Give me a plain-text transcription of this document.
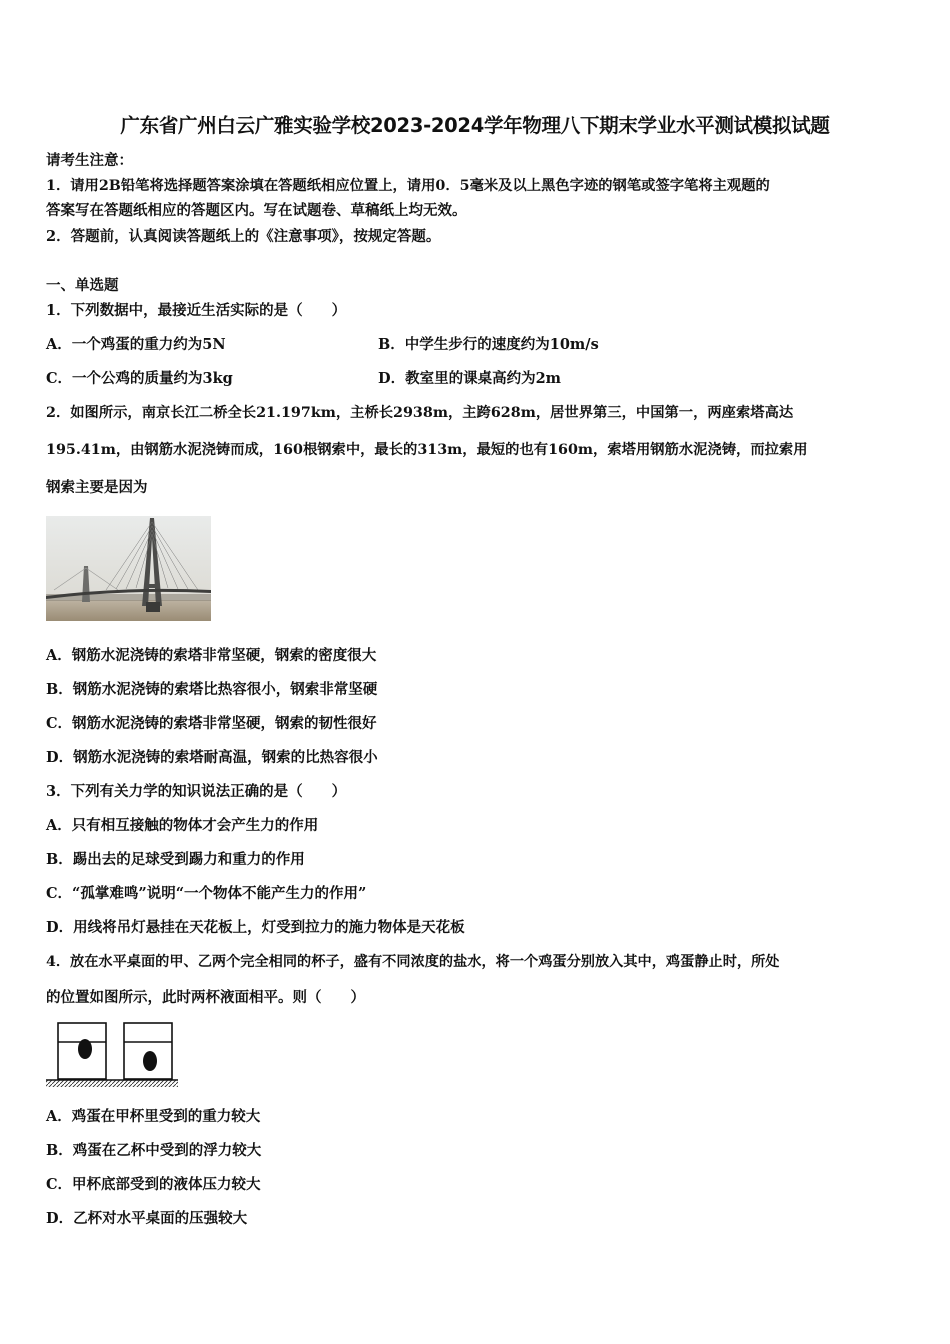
广东省广州白云广雅实验学校2023-2024学年物理八下期末学业水平测试模拟试题
请考生注意：
1．请用2B铅笔将选择题答案涂填在答题纸相应位置上，请用0．5毫米及以上黑色字迹的钢笔或签字笔将主观题的
答案写在答题纸相应的答题区内。写在试题卷、草稿纸上均无效。
2．答题前，认真阅读答题纸上的《注意事项》，按规定答题。
一、单选题
1．下列数据中，最接近生活实际的是（　　）
A．一个鸡蛋的重力约为5N	B．中学生步行的速度约为10m/s
C．一个公鸡的质量约为3kg	D．教室里的课桌高约为2m
2．如图所示，南京长江二桥全长21.197km，主桥长2938m，主跨628m，居世界第三，中国第一，两座索塔高达
195.41m，由钢筋水泥浇铸而成，160根钢索中，最长的313m，最短的也有160m，索塔用钢筋水泥浇铸，而拉索用
钢索主要是因为
A．钢筋水泥浇铸的索塔非常坚硬，钢索的密度很大
B．钢筋水泥浇铸的索塔比热容很小，钢索非常坚硬
C．钢筋水泥浇铸的索塔非常坚硬，钢索的韧性很好
D．钢筋水泥浇铸的索塔耐高温，钢索的比热容很小
3．下列有关力学的知识说法正确的是（　　）
A．只有相互接触的物体才会产生力的作用
B．踢出去的足球受到踢力和重力的作用
C．“孤掌难鸣”说明“一个物体不能产生力的作用”
D．用线将吊灯悬挂在天花板上，灯受到拉力的施力物体是天花板
4．放在水平桌面的甲、乙两个完全相同的杯子，盛有不同浓度的盐水，将一个鸡蛋分别放入其中，鸡蛋静止时，所处
的位置如图所示，此时两杯液面相平。则（　　）
A．鸡蛋在甲杯里受到的重力较大
B．鸡蛋在乙杯中受到的浮力较大
C．甲杯底部受到的液体压力较大
D．乙杯对水平桌面的压强较大
